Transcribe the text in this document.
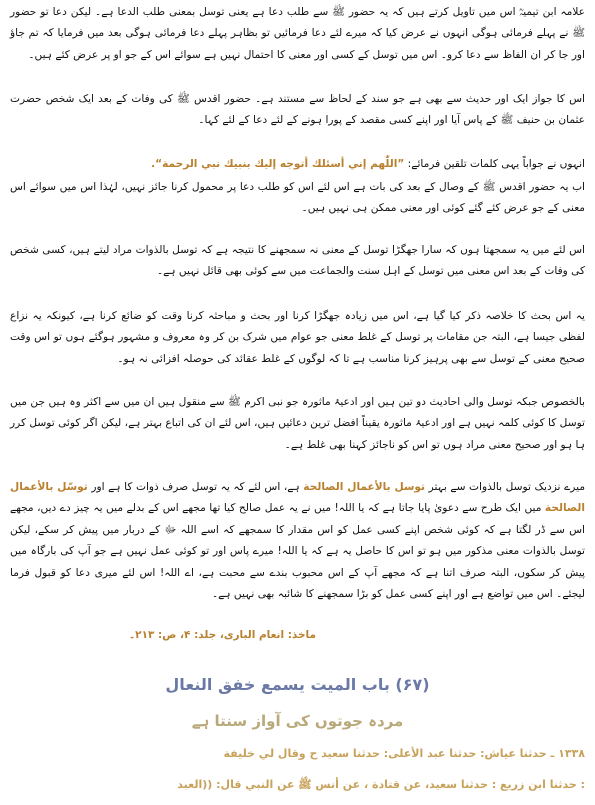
علامہ ابن تیمیہؒ اس میں تاویل کرتے ہیں کہ یہ حضور ﷺ سے طلب دعا ہے یعنی توسل بمعنی طلب الدعا ہے۔ لیکن دعا تو حضور ﷺ نے پہلے فرمائی ہوگی انہوں نے عرض کیا کہ میرے لئے دعا فرمائیں تو بظاہر پہلے دعا فرمائی ہوگی بعد میں فرمایا کہ تم جاؤ اور جا کر ان الفاظ سے دعا کرو۔ اس میں توسل کے کسی اور معنی کا احتمال نہیں ہے سوائے اس کے جو او پر عرض کئے ہیں۔

اس کا جواز ایک اور حدیث سے بھی ہے جو سند کے لحاظ سے مستند ہے۔ حضور اقدس ﷺ کی وفات کے بعد ایک شخص حضرت عثمان بن حنیف ﷺ کے پاس آیا اور اپنے کسی مقصد کے پورا ہونے کے لئے دعا کے لئے کہا۔

انہوں نے جواباً یہی کلمات تلقین فرمائے: ”اللّٰهم إني أسئلك أتوجه إليك بنبيك نبي الرحمة“.

اب یہ حضور اقدس ﷺ کے وصال کے بعد کی بات ہے اس لئے اس کو طلب دعا پر محمول کرنا جائز نہیں، لہٰذا اس میں سوائے اس معنی کے جو عرض کئے گئے کوئی اور معنی ممکن ہی نہیں ہیں۔

اس لئے میں یہ سمجھتا ہوں کہ سارا جھگڑا توسل کے معنی نہ سمجھنے کا نتیجہ ہے کہ توسل بالذوات مراد لیتے ہیں، کسی شخص کی وفات کے بعد اس معنی میں توسل کے اہل سنت والجماعت میں سے کوئی بھی قائل نہیں ہے۔

یہ اس بحث کا خلاصہ ذکر کیا گیا ہے، اس میں زیادہ جھگڑا کرنا اور بحث و مباحثہ کرنا وقت کو ضائع کرنا ہے، کیونکہ یہ نزاع لفظی جیسا ہے، البتہ جن مقامات پر توسل کے غلط معنی جو عوام میں شرک بن کر وہ معروف و مشہور ہوگئے ہوں تو اس وقت صحیح معنی کے توسل سے بھی پرہیز کرنا مناسب ہے تا کہ لوگوں کے غلط عقائد کی حوصلہ افزائی نہ ہو۔

بالخصوص جبکہ توسل والی احادیث دو تین ہیں اور ادعیۂ ماثورہ جو نبی اکرم ﷺ سے منقول ہیں ان میں سے اکثر وہ ہیں جن میں توسل کا کوئی کلمہ نہیں ہے اور ادعیۂ ماثورہ یقیناً افضل ترین دعائیں ہیں، اس لئے ان کی اتباع بہتر ہے، لیکن اگر کوئی توسل کرر ہا ہو اور صحیح معنی مراد ہوں تو اس کو ناجائز کہنا بھی غلط ہے۔

میرے نزدیک توسل بالذوات سے بہتر توسل بالأعمال الصالحة ہے، اس لئے کہ یہ توسل صرف ذوات کا ہے اور توسّل بالأعمال الصالحة میں ایک طرح سے دعویٰ پایا جاتا ہے کہ یا اللہ! میں نے یہ عمل صالح کیا تھا مجھے اس کے بدلے میں یہ چیز دے دیں، مجھے اس سے ڈر لگتا ہے کہ کوئی شخص اپنے کسی عمل کو اس مقدار کا سمجھے کہ اسے اللہ ﷻ کے دربار میں پیش کر سکے، لیکن توسل بالذوات معنی مذکور میں ہو تو اس کا حاصل یہ ہے کہ یا اللہ! میرے پاس اور تو کوئی عمل نہیں ہے جو آپ کی بارگاہ میں پیش کر سکوں، البتہ صرف اتنا ہے کہ مجھے آپ کے اس محبوب بندے سے محبت ہے، اے اللہ! اس لئے میری دعا کو قبول فرما لیجئے۔ اس میں تواضع ہے اور اپنے کسی عمل کو بڑا سمجھنے کا شائبہ بھی نہیں ہے۔

ماخذ: انعام الباری، جلد: ۴، ص: ۲۱۳۔
(۶۷) باب الميت يسمع خفق النعال
مردہ جوتوں کی آواز سنتا ہے
۱۳۳۸ ـ حدثنا عياش: حدثنا عبد الأعلى: حدثنا سعيد ح وقال لي خليفة
: حدثنا ابن زريع : حدثنا سعيد، عن قتادة ، عن أنس ﷺ عن النبي قال: ((العبد
